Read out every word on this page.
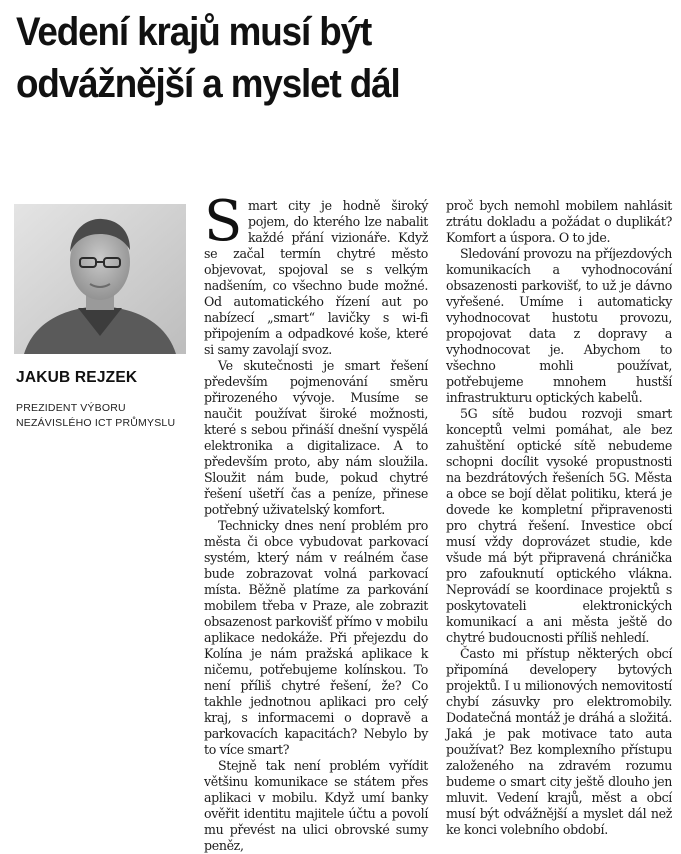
Vedení krajů musí být
odvážnější a myslet dál
JAKUB REJZEK
PREZIDENT VÝBORU
NEZÁVISLÉHO ICT PRŮMYSLU

Smart city je hodně široký pojem, do kterého lze nabalit každé přání vizionáře. Když se začal termín chytré město objevovat, spojoval se s velkým nadšením, co všechno bude možné. Od automatického řízení aut po nabízecí „smart“ lavičky s wi-fi připojením a odpadkové koše, které si samy zavolají svoz.

Ve skutečnosti je smart řešení především pojmenování směru přirozeného vývoje. Musíme se naučit používat široké možnosti, které s sebou přináší dnešní vyspělá elektronika a digitalizace. A to především proto, aby nám sloužila. Sloužit nám bude, pokud chytré řešení ušetří čas a peníze, přinese potřebný uživatelský komfort.

Technicky dnes není problém pro města či obce vybudovat parkovací systém, který nám v reálném čase bude zobrazovat volná parkovací místa. Běžně platíme za parkování mobilem třeba v Praze, ale zobrazit obsazenost parkovišť přímo v mobilu aplikace nedokáže. Při přejezdu do Kolína je nám pražská aplikace k ničemu, potřebujeme kolínskou. To není příliš chytré řešení, že? Co takhle jednotnou aplikaci pro celý kraj, s informacemi o dopravě a parkovacích kapacitách? Nebylo by to více smart?

Stejně tak není problém vyřídit většinu komunikace se státem přes aplikaci v mobilu. Když umí banky ověřit identitu majitele účtu a povolí mu převést na ulici obrovské sumy peněz,

proč bych nemohl mobilem nahlásit ztrátu dokladu a požádat o duplikát? Komfort a úspora. O to jde.

Sledování provozu na příjezdových komunikacích a vyhodnocování obsazenosti parkovišť, to už je dávno vyřešené. Umíme i automaticky vyhodnocovat hustotu provozu, propojovat data z dopravy a vyhodnocovat je. Abychom to všechno mohli používat, potřebujeme mnohem hustší infrastrukturu optických kabelů.

5G sítě budou rozvoji smart konceptů velmi pomáhat, ale bez zahuštění optické sítě nebudeme schopni docílit vysoké propustnosti na bezdrátových řešeních 5G. Města a obce se bojí dělat politiku, která je dovede ke kompletní připravenosti pro chytrá řešení. Investice obcí musí vždy doprovázet studie, kde všude má být připravená chránička pro zafouknutí optického vlákna. Neprovádí se koordinace projektů s poskytovateli elektronických komunikací a ani města ještě do chytré budoucnosti příliš nehledí.

Často mi přístup některých obcí připomíná developery bytových projektů. I u milionových nemovitostí chybí zásuvky pro elektromobily. Dodatečná montáž je dráhá a složitá. Jaká je pak motivace tato auta používat? Bez komplexního přístupu založeného na zdravém rozumu budeme o smart city ještě dlouho jen mluvit. Vedení krajů, měst a obcí musí být odvážnější a myslet dál než ke konci volebního období.
